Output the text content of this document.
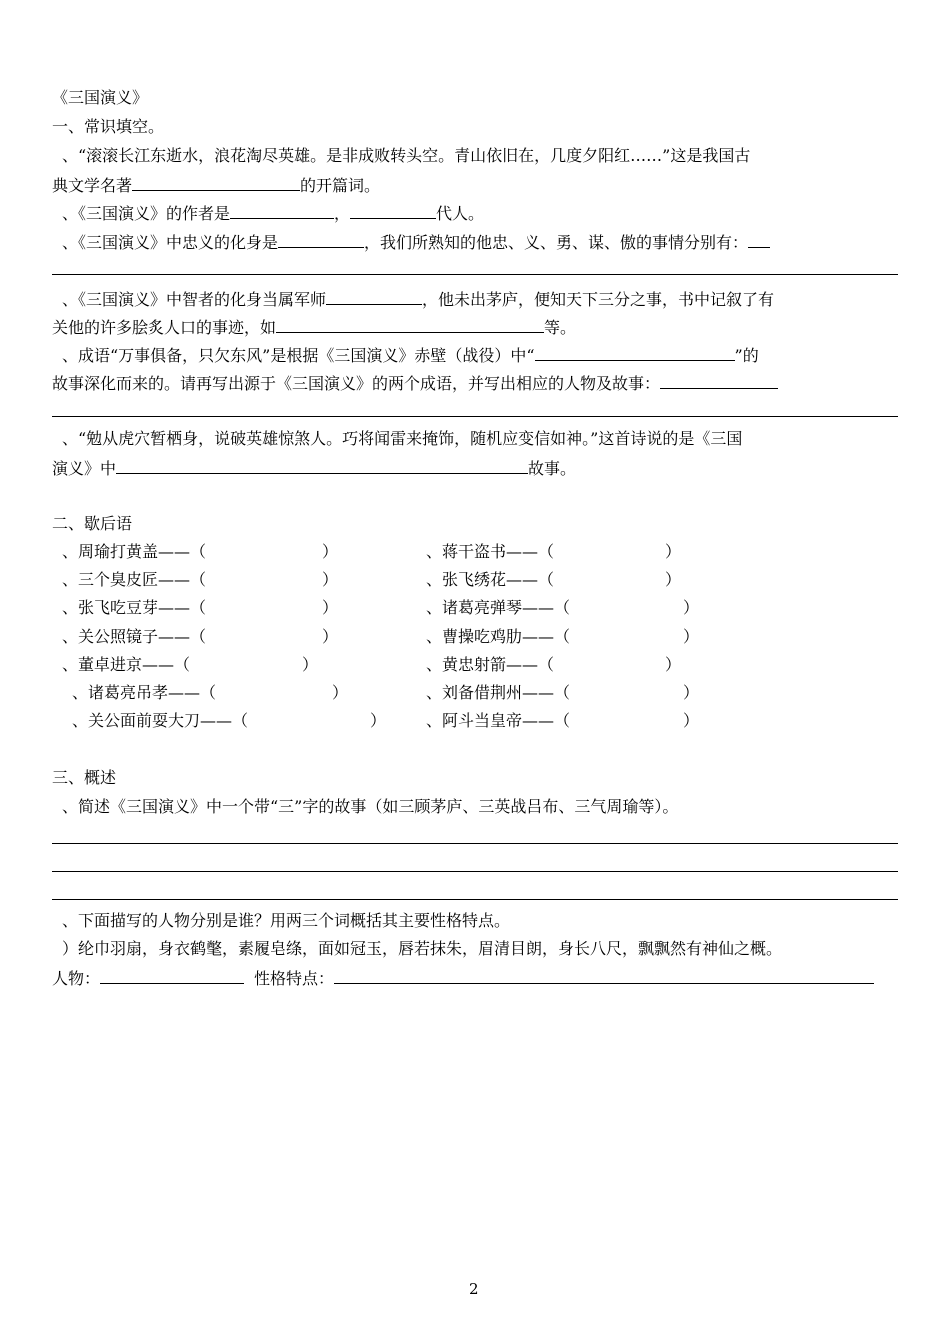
《三国演义》
一、常识填空。
、“滚滚长江东逝水，浪花淘尽英雄。是非成败转头空。青山依旧在，几度夕阳红……”这是我国古
典文学名著	的开篇词。
、《三国演义》的作者是	，	代人。
、《三国演义》中忠义的化身是	，我们所熟知的他忠、义、勇、谋、傲的事情分别有：
、《三国演义》中智者的化身当属军师	，他未出茅庐，便知天下三分之事，书中记叙了有
关他的许多脍炙人口的事迹，如	等。
、成语“万事俱备，只欠东风”是根据《三国演义》赤壁（战役）中“	”的
故事深化而来的。请再写出源于《三国演义》的两个成语，并写出相应的人物及故事：
、“勉从虎穴暂栖身，说破英雄惊煞人。巧将闻雷来掩饰，随机应变信如神。”这首诗说的是《三国
演义》中	故事。
二、歇后语
、周瑜打黄盖——（	）	、蒋干盗书——（	）
、三个臭皮匠——（	）	、张飞绣花——（	）
、张飞吃豆芽——（	）	、诸葛亮弹琴——（	）
、关公照镜子——（	）	、曹操吃鸡肋——（	）
、董卓进京——（	）	、黄忠射箭——（	）
、诸葛亮吊孝——（	）	、刘备借荆州——（	）
、关公面前耍大刀——（	） 、阿斗当皇帝——（	）
三、概述
、简述《三国演义》中一个带“三”字的故事（如三顾茅庐、三英战吕布、三气周瑜等）。
、下面描写的人物分别是谁？用两三个词概括其主要性格特点。
）纶巾羽扇，身衣鹤氅，素履皂绦，面如冠玉，唇若抹朱，眉清目朗，身长八尺，飘飘然有神仙之概。
人物：	性格特点：
2
